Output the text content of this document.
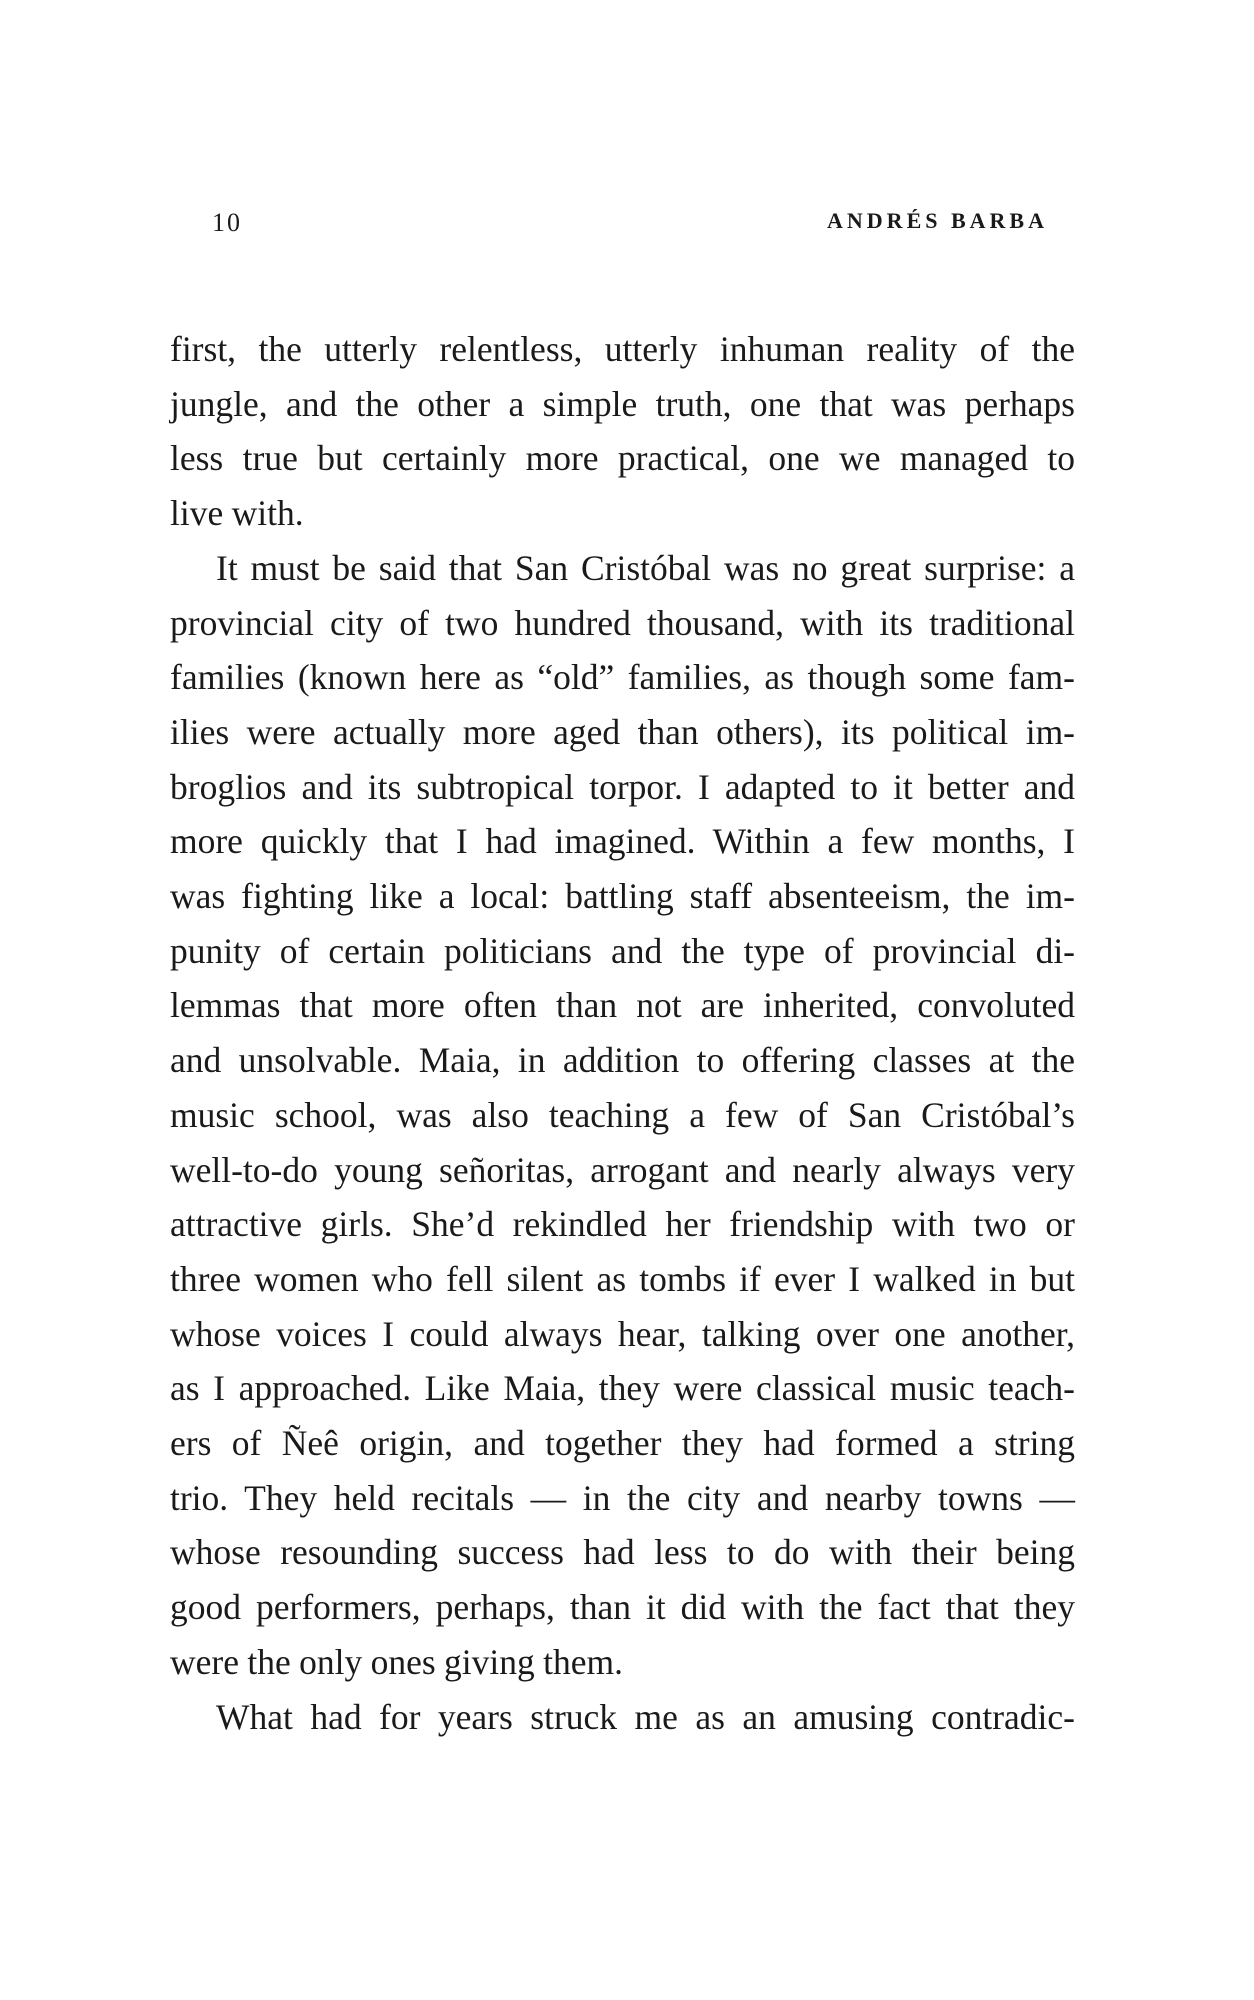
10	ANDRÉS BARBA
first, the utterly relentless, utterly inhuman reality of the
jungle, and the other a simple truth, one that was perhaps
less true but certainly more practical, one we managed to
live with.
It must be said that San Cristóbal was no great surprise: a
provincial city of two hundred thousand, with its traditional
families (known here as “old” families, as though some fam-
ilies were actually more aged than others), its political im-
broglios and its subtropical torpor. I adapted to it better and
more quickly that I had imagined. Within a few months, I
was fighting like a local: battling staff absenteeism, the im-
punity of certain politicians and the type of provincial di-
lemmas that more often than not are inherited, convoluted
and unsolvable. Maia, in addition to offering classes at the
music school, was also teaching a few of San Cristóbal’s
well-to-do young señoritas, arrogant and nearly always very
attractive girls. She’d rekindled her friendship with two or
three women who fell silent as tombs if ever I walked in but
whose voices I could always hear, talking over one another,
as I approached. Like Maia, they were classical music teach-
ers of Ñeê origin, and together they had formed a string
trio. They held recitals — in the city and nearby towns —
whose resounding success had less to do with their being
good performers, perhaps, than it did with the fact that they
were the only ones giving them.
What had for years struck me as an amusing contradic-
